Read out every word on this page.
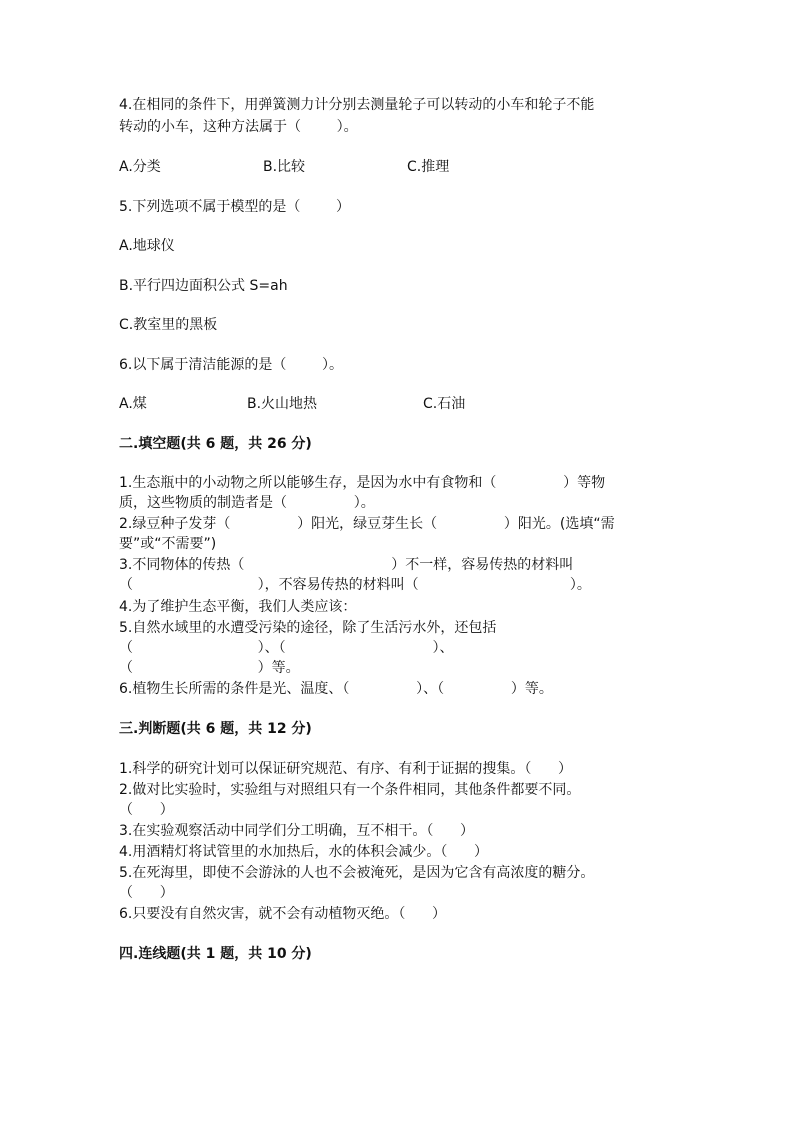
4.在相同的条件下，用弹簧测力计分别去测量轮子可以转动的小车和轮子不能
转动的小车，这种方法属于（        ）。
A.分类	B.比较	C.推理
5.下列选项不属于模型的是（        ）
A.地球仪
B.平行四边面积公式 S=ah
C.教室里的黑板
6.以下属于清洁能源的是（        ）。
A.煤	B.火山地热	C.石油
二.填空题(共 6 题，共 26 分)
1.生态瓶中的小动物之所以能够生存，是因为水中有食物和（               ）等物
质，这些物质的制造者是（               ）。
2.绿豆种子发芽（               ）阳光，绿豆芽生长（               ）阳光。(选填“需
要”或“不需要”)
3.不同物体的传热（                                 ）不一样，容易传热的材料叫
（                            ），不容易传热的材料叫（                                  ）。
4.为了维护生态平衡，我们人类应该：
5.自然水域里的水遭受污染的途径，除了生活污水外，还包括
（                            ）、（                                 ）、
（                            ）等。
6.植物生长所需的条件是光、温度、（               ）、（               ）等。
三.判断题(共 6 题，共 12 分)
1.科学的研究计划可以保证研究规范、有序、有利于证据的搜集。（      ）
2.做对比实验时，实验组与对照组只有一个条件相同，其他条件都要不同。
（      ）
3.在实验观察活动中同学们分工明确，互不相干。（      ）
4.用酒精灯将试管里的水加热后，水的体积会减少。（      ）
5.在死海里，即使不会游泳的人也不会被淹死，是因为它含有高浓度的糖分。
（      ）
6.只要没有自然灾害，就不会有动植物灭绝。（      ）
四.连线题(共 1 题，共 10 分)
